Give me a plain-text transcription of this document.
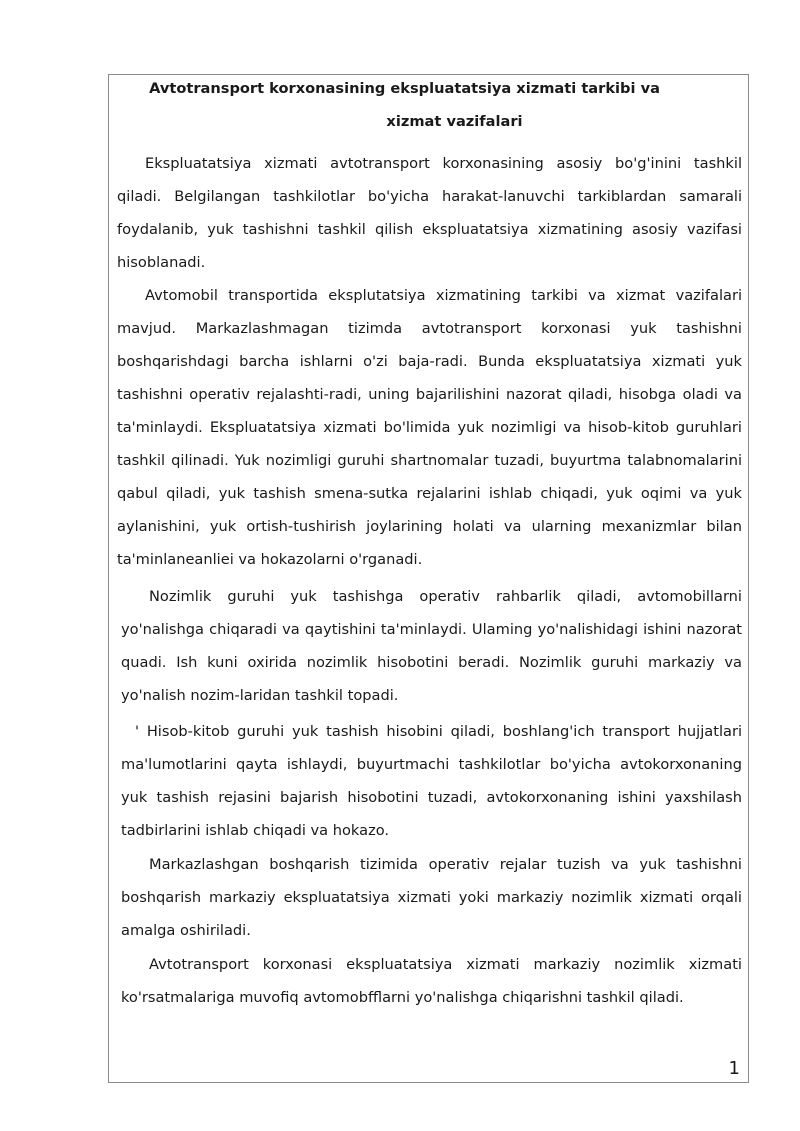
Avtotransport korxonasining ekspluatatsiya xizmati tarkibi va
xizmat vazifalari

Ekspluatatsiya xizmati avtotransport korxonasining asosiy bo'g'inini tashkil qiladi. Belgilangan tashkilotlar bo'yicha harakat-lanuvchi tarkiblardan samarali foydalanib, yuk tashishni tashkil qilish ekspluatatsiya xizmatining asosiy vazifasi hisoblanadi.

Avtomobil transportida eksplutatsiya xizmatining tarkibi va xizmat vazifalari mavjud. Markazlashmagan tizimda avtotransport korxonasi yuk tashishni boshqarishdagi barcha ishlarni o'zi baja-radi. Bunda ekspluatatsiya xizmati yuk tashishni operativ rejalashti-radi, uning bajarilishini nazorat qiladi, hisobga oladi va ta'minlaydi. Ekspluatatsiya xizmati bo'limida yuk nozimligi va hisob-kitob guruhlari tashkil qilinadi. Yuk nozimligi guruhi shartnomalar tuzadi, buyurtma talabnomalarini qabul qiladi, yuk tashish smena-sutka rejalarini ishlab chiqadi, yuk oqimi va yuk aylanishini, yuk ortish-tushirish joylarining holati va ularning mexanizmlar bilan ta'minlaneanliei va hokazolarni o'rganadi.

Nozimlik guruhi yuk tashishga operativ rahbarlik qiladi, avtomobillarni yo'nalishga chiqaradi va qaytishini ta'minlaydi. Ulaming yo'nalishidagi ishini nazorat quadi. Ish kuni oxirida nozimlik hisobotini beradi. Nozimlik guruhi markaziy va yo'nalish nozim-laridan tashkil topadi.

' Hisob-kitob guruhi yuk tashish hisobini qiladi, boshlang'ich transport hujjatlari ma'lumotlarini qayta ishlaydi, buyurtmachi tashkilotlar bo'yicha avtokorxonaning yuk tashish rejasini bajarish hisobotini tuzadi, avtokorxonaning ishini yaxshilash tadbirlarini ishlab chiqadi va hokazo.

Markazlashgan boshqarish tizimida operativ rejalar tuzish va yuk tashishni boshqarish markaziy ekspluatatsiya xizmati yoki markaziy nozimlik xizmati orqali amalga oshiriladi.

Avtotransport korxonasi ekspluatatsiya xizmati markaziy nozimlik xizmati ko'rsatmalariga muvofiq avtomobfflarni yo'nalishga chiqarishni tashkil qiladi.

1
